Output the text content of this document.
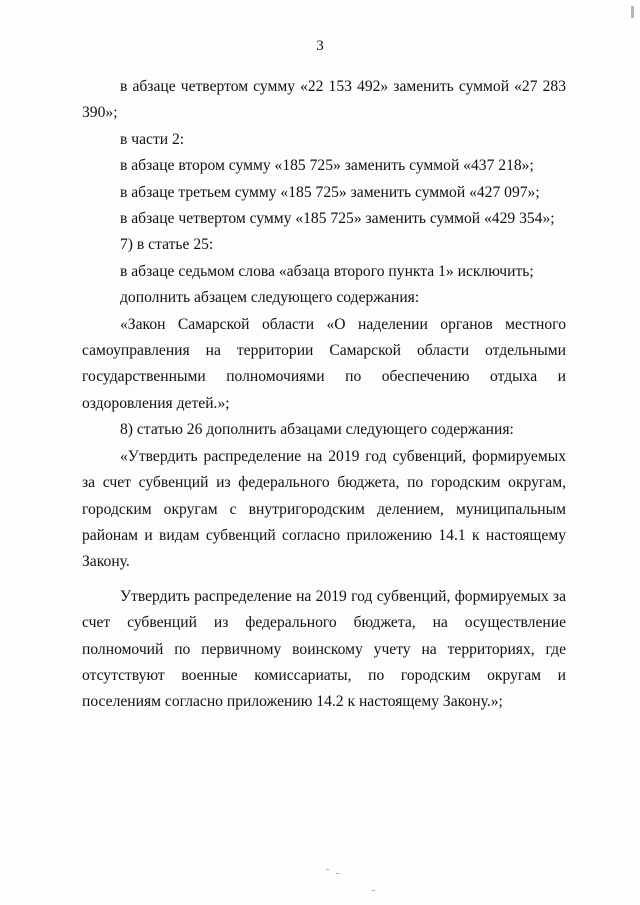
3

в абзаце четвертом сумму «22 153 492» заменить суммой «27 283 390»;

в части 2:

в абзаце втором сумму «185 725» заменить суммой «437 218»;

в абзаце третьем сумму «185 725» заменить суммой «427 097»;

в абзаце четвертом сумму «185 725» заменить суммой «429 354»;

7) в статье 25:

в абзаце седьмом слова «абзаца второго пункта 1» исключить;

дополнить абзацем следующего содержания:

«Закон Самарской области «О наделении органов местного самоуправления на территории Самарской области отдельными государственными полномочиями по обеспечению отдыха и оздоровления детей.»;

8) статью 26 дополнить абзацами следующего содержания:

«Утвердить распределение на 2019 год субвенций, формируемых за счет субвенций из федерального бюджета, по городским округам, городским округам с внутригородским делением, муниципальным районам и видам субвенций согласно приложению 14.1 к настоящему Закону.

Утвердить распределение на 2019 год субвенций, формируемых за счет субвенций из федерального бюджета, на осуществление полномочий по первичному воинскому учету на территориях, где отсутствуют военные комиссариаты, по городским округам и поселениям согласно приложению 14.2 к настоящему Закону.»;
